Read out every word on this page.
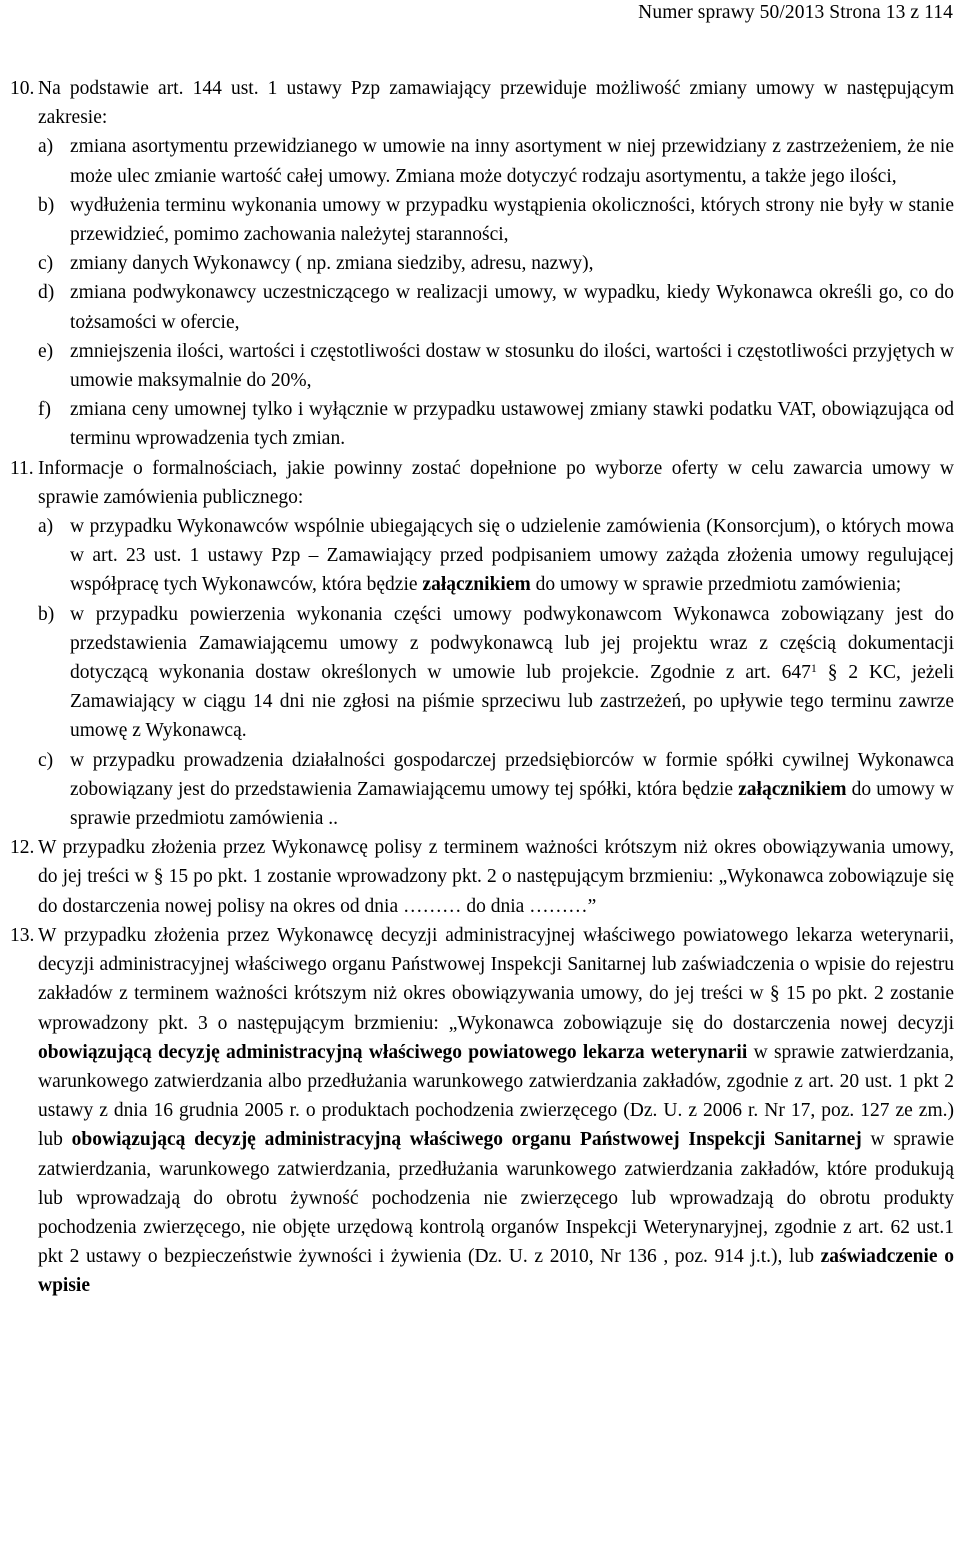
Numer sprawy 50/2013 Strona 13 z 114
10. Na podstawie art. 144 ust. 1 ustawy Pzp zamawiający przewiduje możliwość zmiany umowy w następującym zakresie:
a) zmiana asortymentu przewidzianego w umowie na inny asortyment w niej przewidziany z zastrzeżeniem, że nie może ulec zmianie wartość całej umowy. Zmiana może dotyczyć rodzaju asortymentu, a także jego ilości,
b) wydłużenia terminu wykonania umowy w przypadku wystąpienia okoliczności, których strony nie były w stanie przewidzieć, pomimo zachowania należytej staranności,
c) zmiany danych Wykonawcy ( np. zmiana siedziby, adresu, nazwy),
d) zmiana podwykonawcy uczestniczącego w realizacji umowy, w wypadku, kiedy Wykonawca określi go, co do tożsamości w ofercie,
e) zmniejszenia ilości, wartości i częstotliwości dostaw w stosunku do ilości, wartości i częstotliwości przyjętych w umowie maksymalnie do 20%,
f) zmiana ceny umownej tylko i wyłącznie w przypadku ustawowej zmiany stawki podatku VAT, obowiązująca od terminu wprowadzenia tych zmian.
11. Informacje o formalnościach, jakie powinny zostać dopełnione po wyborze oferty w celu zawarcia umowy w sprawie zamówienia publicznego:
a) w przypadku Wykonawców wspólnie ubiegających się o udzielenie zamówienia (Konsorcjum), o których mowa w art. 23 ust. 1 ustawy Pzp – Zamawiający przed podpisaniem umowy zażąda złożenia umowy regulującej współpracę tych Wykonawców, która będzie załącznikiem do umowy w sprawie przedmiotu zamówienia;
b) w przypadku powierzenia wykonania części umowy podwykonawcom Wykonawca zobowiązany jest do przedstawienia Zamawiającemu umowy z podwykonawcą lub jej projektu wraz z częścią dokumentacji dotyczącą wykonania dostaw określonych w umowie lub projekcie. Zgodnie z art. $647^1$ § 2 KC, jeżeli Zamawiający w ciągu 14 dni nie zgłosi na piśmie sprzeciwu lub zastrzeżeń, po upływie tego terminu zawrze umowę z Wykonawcą.
c) w przypadku prowadzenia działalności gospodarczej przedsiębiorców w formie spółki cywilnej Wykonawca zobowiązany jest do przedstawienia Zamawiającemu umowy tej spółki, która będzie załącznikiem do umowy w sprawie przedmiotu zamówienia ..
12. W przypadku złożenia przez Wykonawcę polisy z terminem ważności krótszym niż okres obowiązywania umowy, do jej treści w § 15 po pkt. 1 zostanie wprowadzony pkt. 2 o następującym brzmieniu: „Wykonawca zobowiązuje się do dostarczenia nowej polisy na okres od dnia ……… do dnia ………”
13. W przypadku złożenia przez Wykonawcę decyzji administracyjnej właściwego powiatowego lekarza weterynarii, decyzji administracyjnej właściwego organu Państwowej Inspekcji Sanitarnej lub zaświadczenia o wpisie do rejestru zakładów z terminem ważności krótszym niż okres obowiązywania umowy, do jej treści w § 15 po pkt. 2 zostanie wprowadzony pkt. 3 o następującym brzmieniu: „Wykonawca zobowiązuje się do dostarczenia nowej decyzji obowiązującą decyzję administracyjną właściwego powiatowego lekarza weterynarii w sprawie zatwierdzania, warunkowego zatwierdzania albo przedłużania warunkowego zatwierdzania zakładów, zgodnie z art. 20 ust. 1 pkt 2 ustawy z dnia 16 grudnia 2005 r. o produktach pochodzenia zwierzęcego (Dz. U. z 2006 r. Nr 17, poz. 127 ze zm.) lub obowiązującą decyzję administracyjną właściwego organu Państwowej Inspekcji Sanitarnej w sprawie zatwierdzania, warunkowego zatwierdzania, przedłużania warunkowego zatwierdzania zakładów, które produkują lub wprowadzają do obrotu żywność pochodzenia nie zwierzęcego lub wprowadzają do obrotu produkty pochodzenia zwierzęcego, nie objęte urzędową kontrolą organów Inspekcji Weterynaryjnej, zgodnie z art. 62 ust.1 pkt 2 ustawy o bezpieczeństwie żywności i żywienia (Dz. U. z 2010, Nr 136 , poz. 914 j.t.), lub zaświadczenie o wpisie
